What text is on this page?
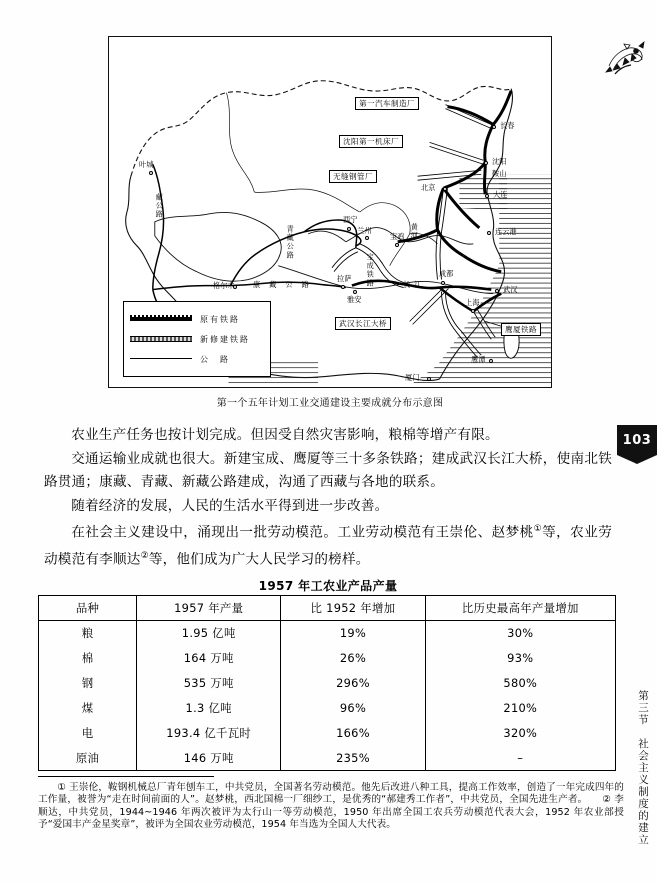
103
第三节　社会主义制度的建立
第一汽车制造厂
沈阳第一机床厂
无缝钢管厂
武汉长江大桥
鹰厦铁路
叶城
长春
沈阳
鞍山
北京
大连
连云港
西宁
兰州
宝鸡
青藏公路
格尔木
拉萨
雅安
成都
武汉
上海
鹰潭
厦门
藏公路
康藏公路	宝成铁路	长江
黄河
原有铁路
新修建铁路
公　路
第一个五年计划工业交通建设主要成就分布示意图

农业生产任务也按计划完成。但因受自然灾害影响，粮棉等增产有限。

交通运输业成就也很大。新建宝成、鹰厦等三十多条铁路；建成武汉长江大桥，使南北铁路贯通；康藏、青藏、新藏公路建成，沟通了西藏与各地的联系。

随着经济的发展，人民的生活水平得到进一步改善。

在社会主义建设中，涌现出一批劳动模范。工业劳动模范有王崇伦、赵梦桃①等，农业劳动模范有李顺达②等，他们成为广大人民学习的榜样。

1957 年工农业产品产量
品种	1957 年产量	比 1952 年增加	比历史最高年产量增加
粮	1.95 亿吨	19%	30%
棉	164 万吨	26%	93%
钢	535 万吨	296%	580%
煤	1.3 亿吨	96%	210%
电	193.4 亿千瓦时	166%	320%
原油	146 万吨	235%	–

① 王崇伦，鞍钢机械总厂青年刨车工，中共党员，全国著名劳动模范。他先后改进八种工具，提高工作效率，创造了一年完成四年的工作量，被誉为“走在时间前面的人”。赵梦桃，西北国棉一厂细纱工，是优秀的“郝建秀工作者”，中共党员，全国先进生产者。　　② 李顺达，中共党员，1944~1946 年两次被评为太行山一等劳动模范，1950 年出席全国工农兵劳动模范代表大会，1952 年农业部授予“爱国丰产金星奖章”，被评为全国农业劳动模范，1954 年当选为全国人大代表。
